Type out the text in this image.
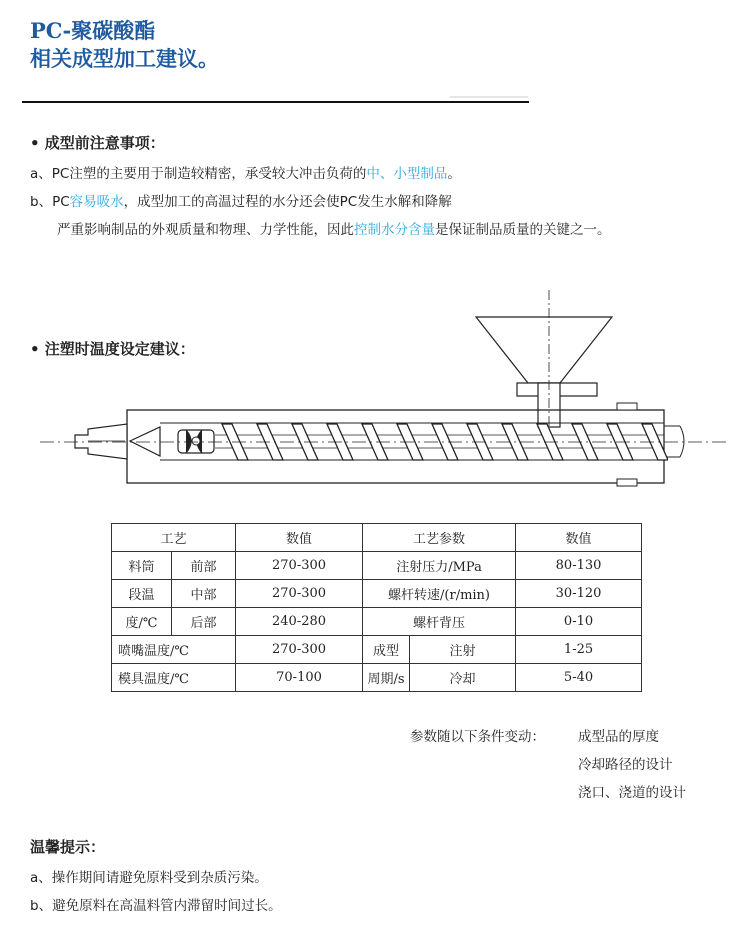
PC-聚碳酸酯
相关成型加工建议。
• 成型前注意事项：
a、PC注塑的主要用于制造较精密，承受较大冲击负荷的中、小型制品。
b、PC容易吸水，成型加工的高温过程的水分还会使PC发生水解和降解
严重影响制品的外观质量和物理、力学性能，因此控制水分含量是保证制品质量的关键之一。
• 注塑时温度设定建议：
工艺		数值	工艺参数		数值
料筒	前部	270-300	注射压力/MPa		80-130
段温	中部	270-300	螺杆转速/(r/min)		30-120
度/℃	后部	240-280	螺杆背压		0-10
喷嘴温度/℃		270-300	成型	注射	1-25
模具温度/℃		70-100	周期/s	冷却	5-40
参数随以下条件变动： 成型品的厚度
冷却路径的设计
浇口、浇道的设计
温馨提示：
a、操作期间请避免原料受到杂质污染。
b、避免原料在高温料管内滞留时间过长。
